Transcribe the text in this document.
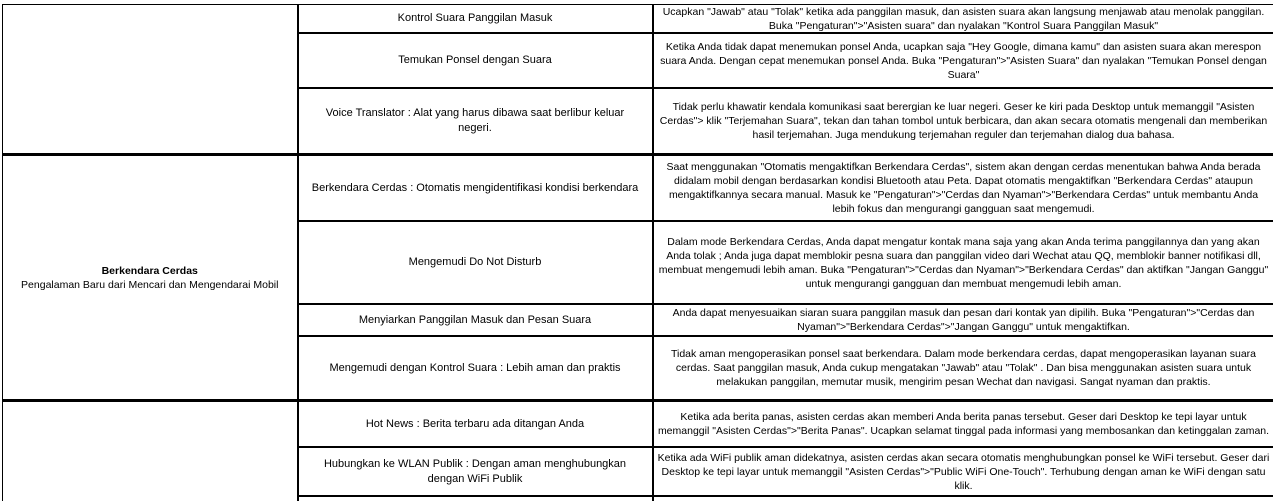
	Kontrol Suara Panggilan Masuk	Ucapkan "Jawab" atau "Tolak" ketika ada panggilan masuk, dan asisten suara akan langsung menjawab atau menolak panggilan. Buka "Pengaturan">"Asisten suara" dan nyalakan "Kontrol Suara Panggilan Masuk"

	Temukan Ponsel dengan Suara	Ketika Anda tidak dapat menemukan ponsel Anda, ucapkan saja "Hey Google, dimana kamu" dan asisten suara akan merespon suara Anda. Dengan cepat menemukan ponsel Anda. Buka "Pengaturan">"Asisten Suara" dan nyalakan "Temukan Ponsel dengan Suara"

	Voice Translator : Alat yang harus dibawa saat berlibur keluar negeri.	Tidak perlu khawatir kendala komunikasi saat berergian ke luar negeri. Geser ke kiri pada Desktop untuk memanggil "Asisten Cerdas"> klik "Terjemahan Suara", tekan dan tahan tombol untuk berbicara, dan akan secara otomatis mengenali dan memberikan hasil terjemahan. Juga mendukung terjemahan reguler dan terjemahan dialog dua bahasa.

Berkendara Cerdas
Pengalaman Baru dari Mencari dan Mengendarai Mobil	Berkendara Cerdas : Otomatis mengidentifikasi kondisi berkendara	Saat menggunakan "Otomatis mengaktifkan Berkendara Cerdas", sistem akan dengan cerdas menentukan bahwa Anda berada didalam mobil dengan berdasarkan kondisi Bluetooth atau Peta. Dapat otomatis mengaktifkan "Berkendara Cerdas" ataupun mengaktifkannya secara manual. Masuk ke "Pengaturan">"Cerdas dan Nyaman">"Berkendara Cerdas" untuk membantu Anda lebih fokus dan mengurangi gangguan saat mengemudi.

	Mengemudi Do Not Disturb	Dalam mode Berkendara Cerdas, Anda dapat mengatur kontak mana saja yang akan Anda terima panggilannya dan yang akan Anda tolak ; Anda juga dapat memblokir pesna suara dan panggilan video dari Wechat atau QQ, memblokir banner notifikasi dll, membuat mengemudi lebih aman. Buka "Pengaturan">"Cerdas dan Nyaman">"Berkendara Cerdas" dan aktifkan "Jangan Ganggu" untuk mengurangi gangguan dan membuat mengemudi lebih aman.

	Menyiarkan Panggilan Masuk dan Pesan Suara	Anda dapat menyesuaikan siaran suara panggilan masuk dan pesan dari kontak yan dipilih. Buka "Pengaturan">"Cerdas dan Nyaman">"Berkendara Cerdas">"Jangan Ganggu" untuk mengaktifkan.

	Mengemudi dengan Kontrol Suara : Lebih aman dan praktis	Tidak aman mengoperasikan ponsel saat berkendara. Dalam mode berkendara cerdas, dapat mengoperasikan layanan suara cerdas. Saat panggilan masuk, Anda cukup mengatakan "Jawab" atau "Tolak" . Dan bisa menggunakan asisten suara untuk melakukan panggilan, memutar musik, mengirim pesan Wechat dan navigasi. Sangat nyaman dan praktis.

	Hot News : Berita terbaru ada ditangan Anda	Ketika ada berita panas, asisten cerdas akan memberi Anda berita panas tersebut. Geser dari Desktop ke tepi layar untuk memanggil "Asisten Cerdas">"Berita Panas". Ucapkan selamat tinggal pada informasi yang membosankan dan ketinggalan zaman.

	Hubungkan ke WLAN Publik : Dengan aman menghubungkan dengan WiFi Publik	Ketika ada WiFi publik aman didekatnya, asisten cerdas akan secara otomatis menghubungkan ponsel ke WiFi tersebut. Geser dari Desktop ke tepi layar untuk memanggil "Asisten Cerdas">"Public WiFi One-Touch". Terhubung dengan aman ke WiFi dengan satu klik.
